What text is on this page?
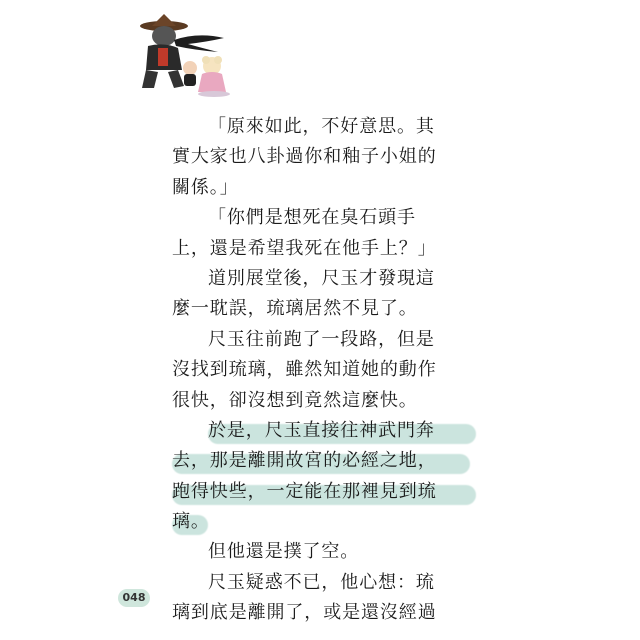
「原來如此，不好意思。其
實大家也八卦過你和釉子小姐的
關係。」
「你們是想死在臭石頭手
上，還是希望我死在他手上？」
道別展堂後，尺玉才發現這
麼一耽誤，琉璃居然不見了。
尺玉往前跑了一段路，但是
沒找到琉璃，雖然知道她的動作
很快，卻沒想到竟然這麼快。
於是，尺玉直接往神武門奔
去，那是離開故宮的必經之地，
跑得快些，一定能在那裡見到琉
璃。
但他還是撲了空。
尺玉疑惑不已，他心想：琉
璃到底是離開了，或是還沒經過
048
